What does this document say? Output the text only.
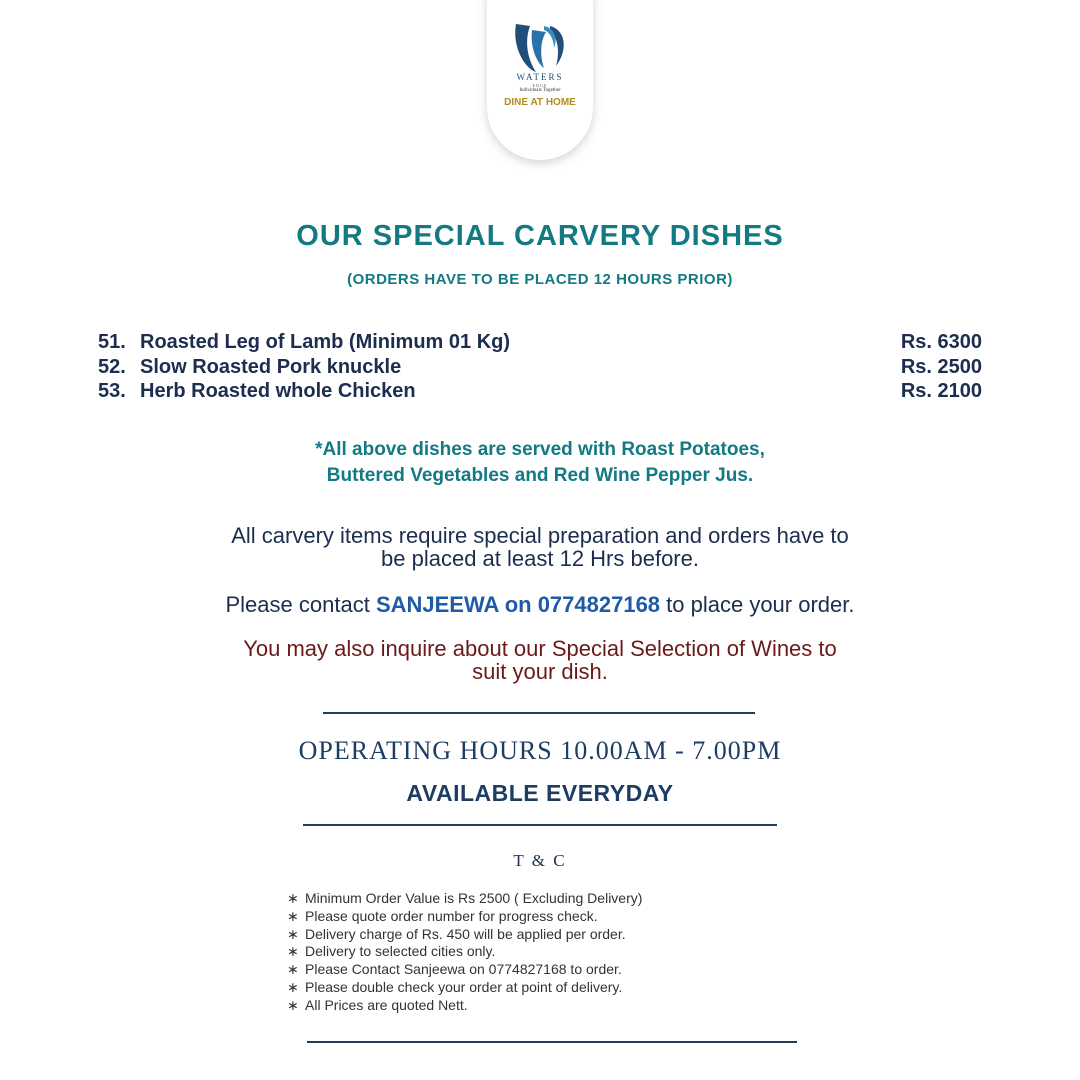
WATERS
EDGE
Individuals Together
DINE AT HOME
OUR SPECIAL CARVERY DISHES
(ORDERS HAVE TO BE PLACED 12 HOURS PRIOR)
51. Roasted Leg of Lamb (Minimum 01 Kg)	Rs. 6300
52. Slow Roasted Pork knuckle	Rs. 2500
53. Herb Roasted whole Chicken	Rs. 2100
*All above dishes are served with Roast Potatoes,
Buttered Vegetables and Red Wine Pepper Jus.
All carvery items require special preparation and orders have to
be placed at least 12 Hrs before.
Please contact SANJEEWA on 0774827168 to place your order.
You may also inquire about our Special Selection of Wines to
suit your dish.
OPERATING HOURS 10.00AM - 7.00PM
AVAILABLE EVERYDAY
T & C
∗ Minimum Order Value is Rs 2500 ( Excluding Delivery)
∗ Please quote order number for progress check.
∗ Delivery charge of Rs. 450 will be applied per order.
∗ Delivery to selected cities only.
∗ Please Contact Sanjeewa on 0774827168 to order.
∗ Please double check your order at point of delivery.
∗ All Prices are quoted Nett.
